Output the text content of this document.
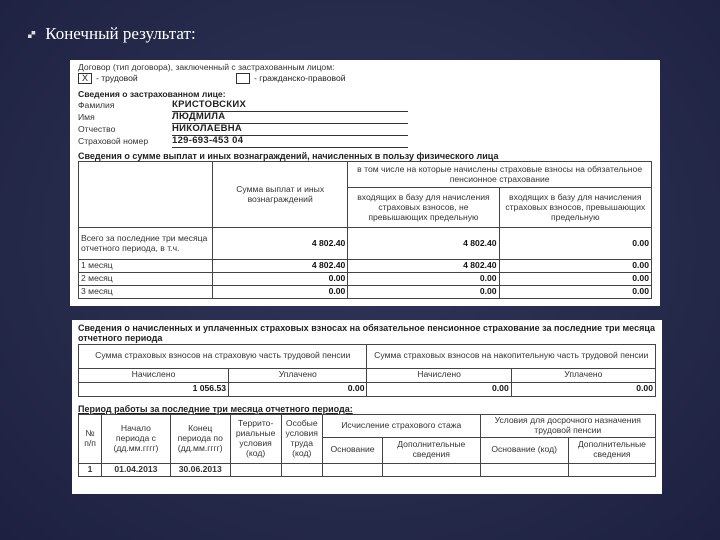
🙾 Конечный результат:
Договор (тип договора), заключенный с застрахованным лицом:
X - трудовой	- гражданско-правовой
Сведения о застрахованном лице:
Фамилия	КРИСТОВСКИХ
Имя	ЛЮДМИЛА
Отчество	НИКОЛАЕВНА
Страховой номер	129-693-453 04
Сведения о сумме выплат и иных вознаграждений, начисленных в пользу физического лица
	Сумма выплат и иных вознаграждений	в том числе на которые начислены страховые взносы на обязательное пенсионное страхование	
		входящих в базу для начисления страховых взносов, не превышающих предельную	входящих в базу для начисления страховых взносов, превышающих предельную
Всего за последние три месяца отчетного периода, в т.ч.	4 802.40	4 802.40	0.00
1 месяц	4 802.40	4 802.40	0.00
2 месяц	0.00	0.00	0.00
3 месяц	0.00	0.00	0.00
Сведения о начисленных и уплаченных страховых взносах на обязательное пенсионное страхование за последние три месяца отчетного периода
Сумма страховых взносов на страховую часть трудовой пенсии		Сумма страховых взносов на накопительную часть трудовой пенсии	
Начислено	Уплачено	Начислено	Уплачено
1 056.53	0.00	0.00	0.00
Период работы за последние три месяца отчетного периода:
№ п/п	Начало периода с (дд.мм.гггг)	Конец периода по (дд.мм.гггг)	Террито-риальные условия (код)	Особые условия труда (код)	Исчисление страхового стажа		Условия для досрочного назначения трудовой пенсии	
					Основание	Дополнительные сведения	Основание (код)	Дополнительные сведения
1	01.04.2013	30.06.2013						
